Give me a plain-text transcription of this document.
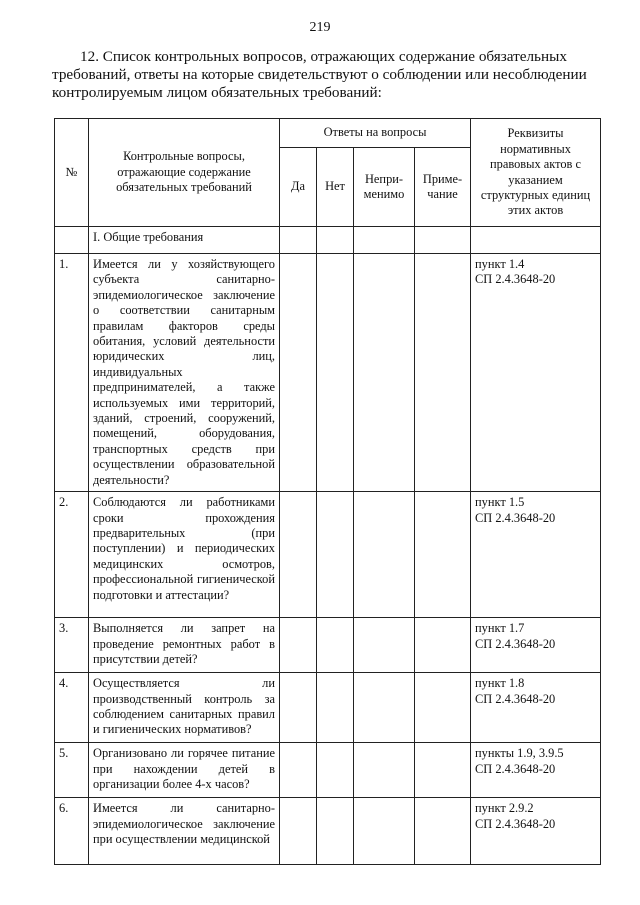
219
12. Список контрольных вопросов, отражающих содержание обязательных
требований, ответы на которые свидетельствуют о соблюдении или несоблюдении
контролируемым лицом обязательных требований:
№	Контрольные вопросы, отражающие содержание обязательных требований	Ответы на вопросы				Реквизиты нормативных правовых актов с указанием структурных единиц этих актов
		Да	Нет	Непри-менимо	Приме-чание	
	I. Общие требования					
1.	Имеется ли у хозяйствующего субъекта санитарно-эпидемиологическое заключение о соответствии санитарным правилам факторов среды обитания, условий деятельности юридических лиц, индивидуальных предпринимателей, а также используемых ими территорий, зданий, строений, сооружений, помещений, оборудования, транспортных средств при осуществлении образовательной деятельности?					пункт 1.4
СП 2.4.3648-20

2.	Соблюдаются ли работниками сроки прохождения предварительных (при поступлении) и периодических медицинских осмотров, профессиональной гигиенической подготовки и аттестации?					пункт 1.5
СП 2.4.3648-20

3.	Выполняется ли запрет на проведение ремонтных работ в присутствии детей?					пункт 1.7
СП 2.4.3648-20

4.	Осуществляется ли производственный контроль за соблюдением санитарных правил и гигиенических нормативов?					пункт 1.8
СП 2.4.3648-20

5.	Организовано ли горячее питание при нахождении детей в организации более 4-х часов?					пункты 1.9, 3.9.5
СП 2.4.3648-20

6.	Имеется ли санитарно-эпидемиологическое заключение при осуществлении медицинской					пункт 2.9.2
СП 2.4.3648-20
